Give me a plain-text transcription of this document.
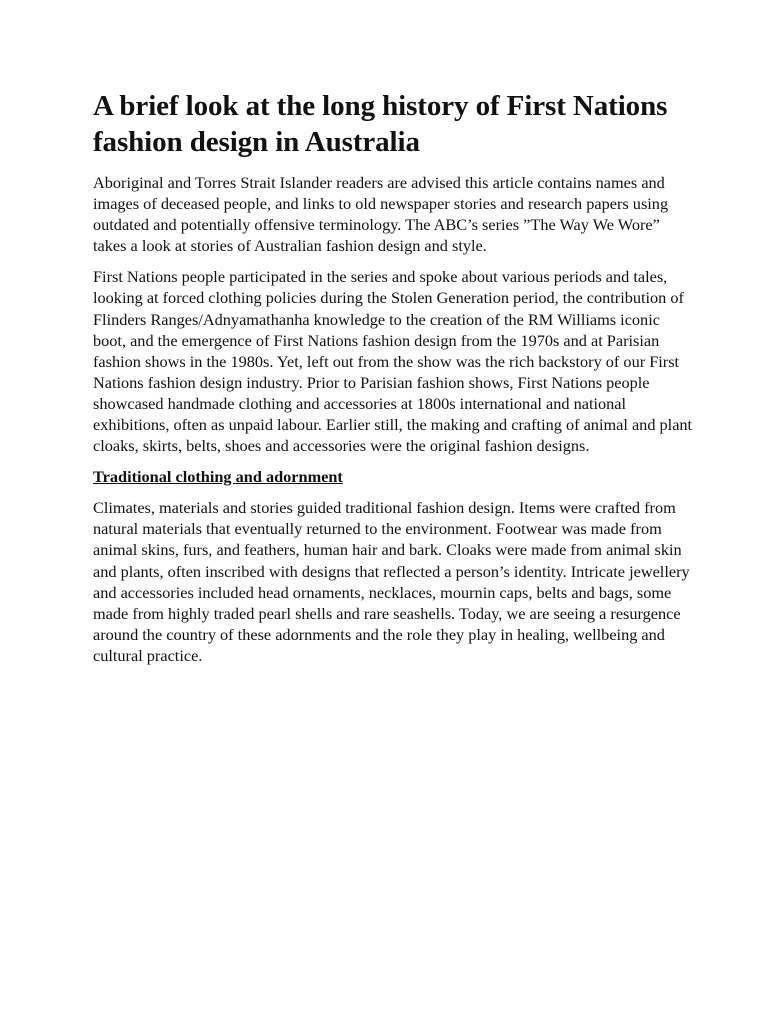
A brief look at the long history of First Nations fashion design in Australia

Aboriginal and Torres Strait Islander readers are advised this article contains names and images of deceased people, and links to old newspaper stories and research papers using outdated and potentially offensive terminology. The ABC’s series ”The Way We Wore” takes a look at stories of Australian fashion design and style.

First Nations people participated in the series and spoke about various periods and tales, looking at forced clothing policies during the Stolen Generation period, the contribution of Flinders Ranges/Adnyamathanha knowledge to the creation of the RM Williams iconic boot, and the emergence of First Nations fashion design from the 1970s and at Parisian fashion shows in the 1980s. Yet, left out from the show was the rich backstory of our First Nations fashion design industry. Prior to Parisian fashion shows, First Nations people showcased handmade clothing and accessories at 1800s international and national exhibitions, often as unpaid labour. Earlier still, the making and crafting of animal and plant cloaks, skirts, belts, shoes and accessories were the original fashion designs.

Traditional clothing and adornment

Climates, materials and stories guided traditional fashion design. Items were crafted from natural materials that eventually returned to the environment. Footwear was made from animal skins, furs, and feathers, human hair and bark. Cloaks were made from animal skin and plants, often inscribed with designs that reflected a person’s identity. Intricate jewellery and accessories included head ornaments, necklaces, mournin caps, belts and bags, some made from highly traded pearl shells and rare seashells. Today, we are seeing a resurgence around the country of these adornments and the role they play in healing, wellbeing and cultural practice.
